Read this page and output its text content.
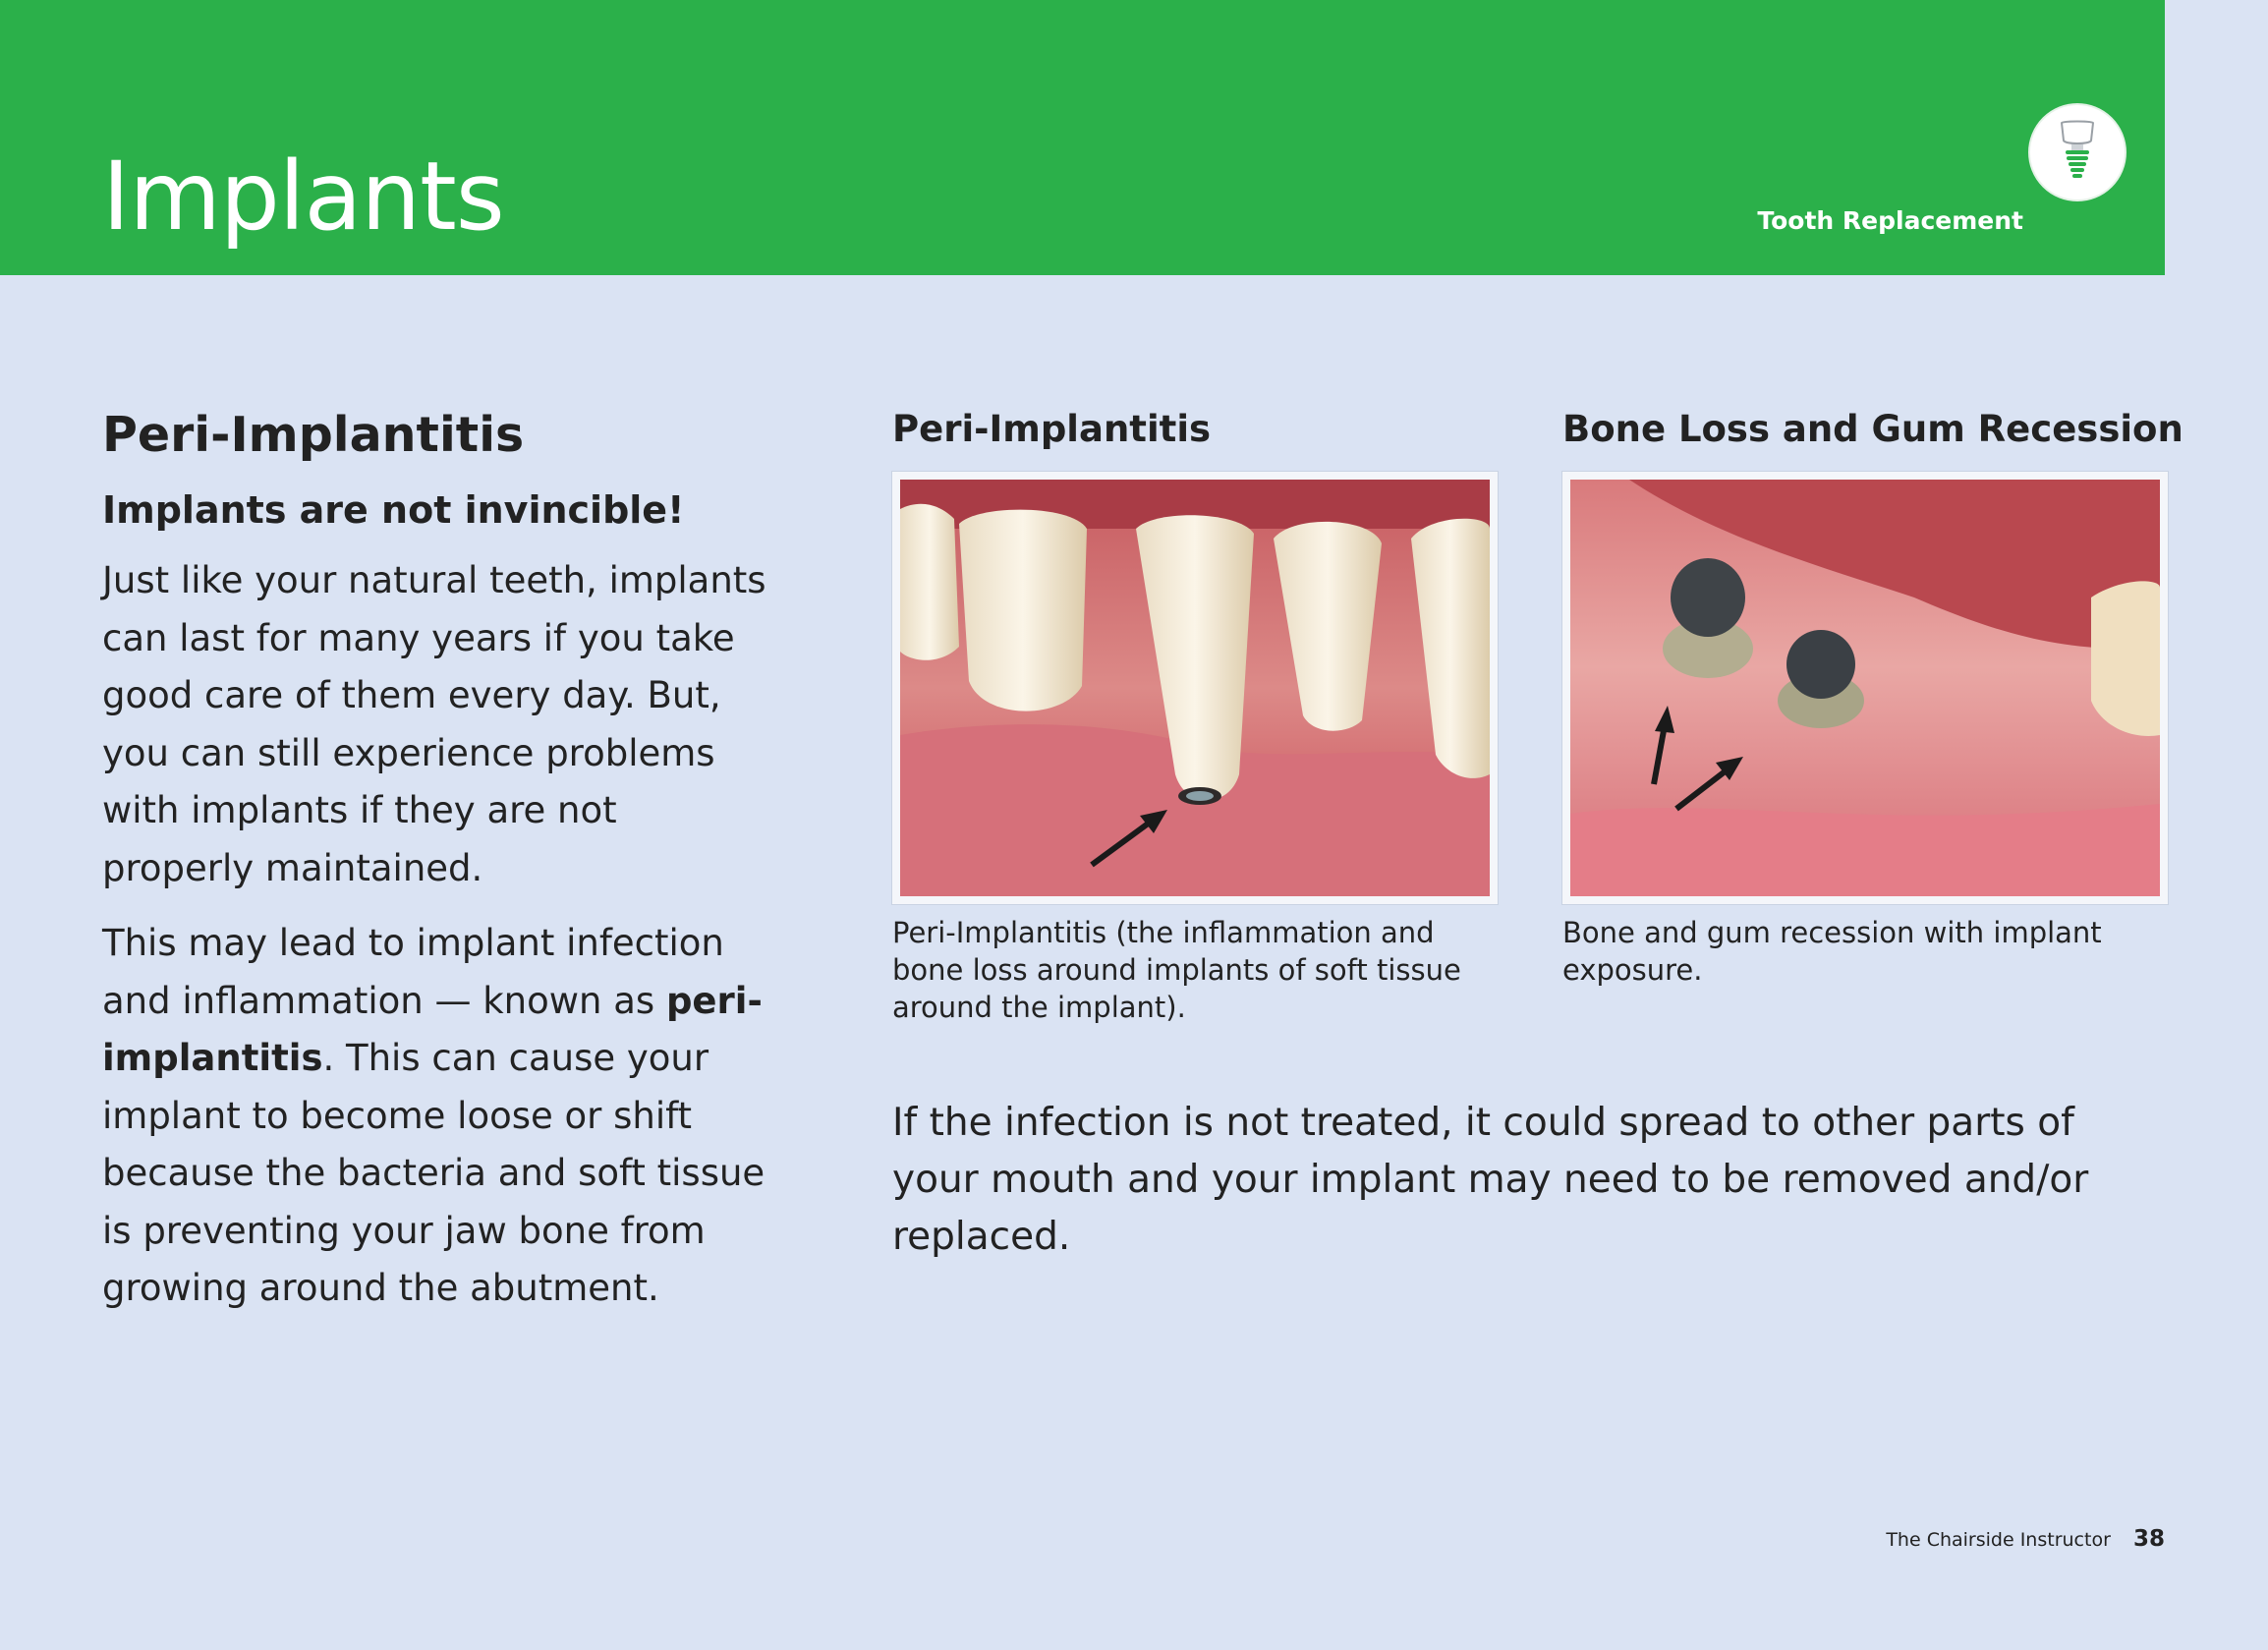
Implants	Tooth Replacement
Peri-Implantitis

Implants are not invincible!

Just like your natural teeth, implants can last for many years if you take good care of them every day. But, you can still experience problems with implants if they are not properly maintained.

This may lead to implant infection and inflammation — known as peri-implantitis. This can cause your implant to become loose or shift because the bacteria and soft tissue is preventing your jaw bone from growing around the abutment.

Peri-Implantitis
Peri-Implantitis (the inflammation and bone loss around implants of soft tissue around the implant).
Bone Loss and Gum Recession
Bone and gum recession with implant exposure.
If the infection is not treated, it could spread to other parts of your mouth and your implant may need to be removed and/or replaced.
The Chairside Instructor 38
